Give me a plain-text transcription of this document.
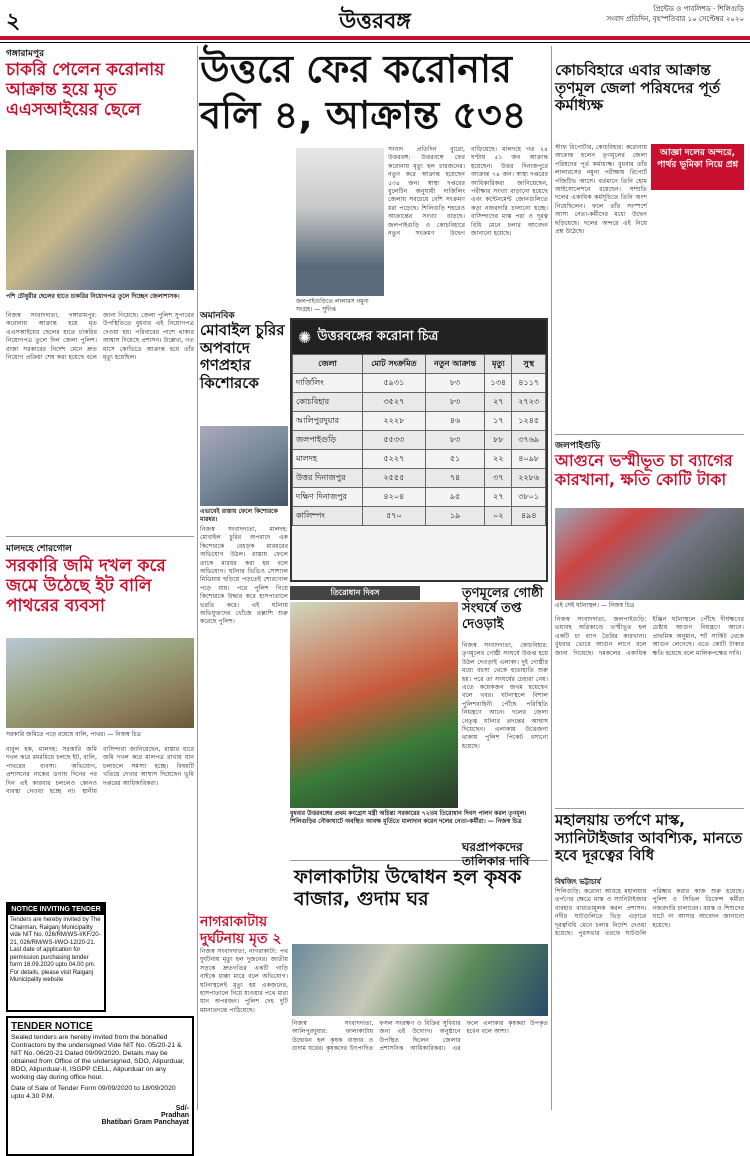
২	উত্তরবঙ্গ	প্রিন্টেড ও পাবলিশড · শিলিগুড়ি
সংবাদ প্রতিদিন, বৃহস্পতিবার ১০ সেপ্টেম্বর ২০২০
গঙ্গারামপুর
চাকরি পেলেন করোনায় আক্রান্ত হয়ে মৃত এএসআইয়ের ছেলে
পশি চৌধুরীর ছেলের হাতে চাকরির নিয়োগপত্র তুলে দিচ্ছেন জেলাশাসক।
নিজস্ব সংবাদদাতা, গঙ্গারামপুর: করোনায় আক্রান্ত হয়ে মৃত এএসআইয়ের ছেলের হাতে চাকরির নিয়োগপত্র তুলে দিল জেলা পুলিশ। রাজ্য সরকারের নির্দেশ মেনে দ্রুত নিয়োগ প্রক্রিয়া শেষ করা হয়েছে বলে জানা গিয়েছে। জেলা পুলিশ সুপারের উপস্থিতিতে বুধবার এই নিয়োগপত্র দেওয়া হয়। পরিবারের পাশে থাকার আশ্বাস দিয়েছে প্রশাসন। উল্লেখ্য, গত মাসে কোভিডে আক্রান্ত হয়ে তাঁর মৃত্যু হয়েছিল।
মালদহে শোরগোল
সরকারি জমি দখল করে জমে উঠেছে ইট বালি পাথরের ব্যবসা
সরকারি জমিতে পড়ে রয়েছে বালি, পাথর। — নিজস্ব চিত্র
বাবুল হক, মালদহ: সরকারি জমি দখল করে রমরমিয়ে চলছে ইট, বালি, পাথরের ব্যবসা। অভিযোগ, প্রশাসনের নাকের ডগায় দিনের পর দিন এই কারবার চললেও কোনও ব্যবস্থা নেওয়া হচ্ছে না। স্থানীয় বাসিন্দারা জানিয়েছেন, রাস্তার ধারে জমি দখল করে মালপত্র রাখায় যান চলাচলে সমস্যা হচ্ছে। বিষয়টি খতিয়ে দেখার আশ্বাস দিয়েছেন ভূমি দপ্তরের আধিকারিকরা।
NOTICE INVITING TENDER
Tenders are hereby invited by The Chairman, Raiganj Municipality vide NIT No. 026/RM/WS-I/KF/20-21, 026/RM/WS-I/WO-12/20-21. Last date of application for permission purchasing tender form 16.09.2020 upto 04.00 pm. For details, please visit Raiganj Municipality website
TENDER NOTICE
Sealed tenders are hereby invited from the bonafied Contractors by the undersigned Vide NIT No. 05/20-21 & NIT No. 06/20-21 Dated 09/09/2020. Details may be obtained from Office of the undersigned, SDO, Alipurduar, BDO, Alipurduar-II, ISGPP CELL, Alipurduar on any working day during office hour.
Date of Sale of Tender Form 09/09/2020 to 18/09/2020 upto 4.30 P.M.
Sd/-
Pradhan
Bhatibari Gram Panchayat
উত্তরে ফের করোনার বলি ৪, আক্রান্ত ৫৩৪
জলপাইগুড়িতে লালারস নমুনা সংগ্রহ। — সুদীপ্ত
সংবাদ প্রতিদিন ব্যুরো, উত্তরবঙ্গ: উত্তরবঙ্গে ফের করোনায় মৃত্যু হল চারজনের। নতুন করে আক্রান্ত হয়েছেন ৫৩৪ জন। স্বাস্থ্য দপ্তরের বুলেটিন অনুযায়ী দার্জিলিং জেলায় সবচেয়ে বেশি সংক্রমণ ধরা পড়েছে। শিলিগুড়ি শহরেও আক্রান্তের সংখ্যা বাড়ছে। জলপাইগুড়ি ও কোচবিহারে নতুন সংক্রমণ উদ্বেগ বাড়িয়েছে। মালদহে গত ২৪ ঘণ্টায় ৫১ জন আক্রান্ত হয়েছেন। উত্তর দিনাজপুরে আক্রান্ত ৭৪ জন। স্বাস্থ্য দপ্তরের আধিকারিকরা জানিয়েছেন, পরীক্ষার সংখ্যা বাড়ানো হয়েছে এবং কন্টেনমেন্ট জোনগুলিতে কড়া নজরদারি চালানো হচ্ছে। বাসিন্দাদের মাস্ক পরা ও দূরত্ব বিধি মেনে চলার আবেদন জানানো হয়েছে।
অমানবিক
মোবাইল চুরির অপবাদে গণপ্রহার কিশোরকে
এভাবেই রাস্তায় ফেলে কিশোরকে মারধর।
নিজস্ব সংবাদদাতা, মালদহ: মোবাইল চুরির অপবাদে এক কিশোরকে বেধড়ক মারধরের অভিযোগ উঠল। রাস্তায় ফেলে তাকে মারধর করা হয় বলে অভিযোগ। ঘটনার ভিডিও সোশ্যাল মিডিয়ায় ছড়িয়ে পড়তেই শোরগোল পড়ে যায়। পরে পুলিশ গিয়ে কিশোরকে উদ্ধার করে হাসপাতালে ভরতি করে। এই ঘটনায় অভিযুক্তদের খোঁজে তল্লাশি শুরু করেছে পুলিশ।
✺ উত্তরবঙ্গের করোনা চিত্র
জেলা	মোট সংক্রমিত	নতুন আক্রান্ত	মৃত্যু	সুস্থ
দার্জিলিং	৫৯৩১	৮৩	১৩৪	৪১১৭
কোচবিহার	৩৫২৭	৮৩	২৭	২৭২৩
আলিপুরদুয়ার	২২২৮	৪৬	১৭	১২৪৫
জলপাইগুড়ি	৫৫৩৩	৮৩	৮৮	৩৭৬৯
মালদহ	৫২২৭	৫১	২২	৪০৯৮
উত্তর দিনাজপুর	২৫৫৫	৭৪	৩৭	২২৮৬
দক্ষিণ দিনাজপুর	৪২০৪	৯৫	২৭	৩৮০১
কালিম্পং	৫৭০	১৯	০২	৪৯৪
তিরোধান দিবস
বুধবার উত্তরবঙ্গের প্রথম কংগ্রেস মন্ত্রী অচিন্ত্য সরকারের ৭২তম তিরোধান দিবস পালন করল তৃণমূল। শিলিগুড়ির নৌকাঘাটে অবস্থিত আবক্ষ মূর্তিতে মাল্যদান করেন দলের নেতা-কর্মীরা। — নিজস্ব চিত্র
তৃণমূলের গোষ্ঠী সংঘর্ষে তপ্ত দেওড়াই
নিজস্ব সংবাদদাতা, কোচবিহার: তৃণমূলের গোষ্ঠী সংঘর্ষে উত্তপ্ত হয়ে উঠল দেওড়াই এলাকা। দুই গোষ্ঠীর মধ্যে বচসা থেকে হাতাহাতি শুরু হয়। পরে তা সংঘর্ষের চেহারা নেয়। এতে কয়েকজন জখম হয়েছেন বলে খবর। ঘটনাস্থলে বিশাল পুলিশবাহিনী পৌঁছে পরিস্থিতি নিয়ন্ত্রণে আনে। দলের জেলা নেতৃত্ব ঘটনার তদন্তের আশ্বাস দিয়েছেন। এলাকায় উত্তেজনা থাকায় পুলিশ পিকেট বসানো হয়েছে।
নাগরাকাটায় দুর্ঘটনায় মৃত ২
ফালাকাটায় উদ্বোধন হল কৃষক বাজার, গুদাম ঘর
নিজস্ব সংবাদদাতা, আলিপুরদুয়ার: ফালাকাটায় উদ্বোধন হল কৃষক বাজার ও গুদাম ঘরের। কৃষকদের উৎপাদিত ফসল সংরক্ষণ ও বিক্রির সুবিধার জন্য এই উদ্যোগ। অনুষ্ঠানে উপস্থিত ছিলেন জেলার প্রশাসনিক আধিকারিকরা। এর ফলে এলাকার কৃষকরা উপকৃত হবেন বলে আশা।
নিজস্ব সংবাদদাতা, নাগরাকাটা: পথ দুর্ঘটনায় মৃত্যু হল দুজনের। জাতীয় সড়কে দ্রুতগতির একটি গাড়ি বাইকে ধাক্কা মারে বলে অভিযোগ। ঘটনাস্থলেই মৃত্যু হয় একজনের, হাসপাতালে নিয়ে যাওয়ার পথে মারা যান অপরজন। পুলিশ দেহ দুটি ময়নাতদন্তে পাঠিয়েছে।
কোচবিহারে এবার আক্রান্ত তৃণমূল জেলা পরিষদের পূর্ত কর্মাধ্যক্ষ
আজ্ঞা দলের অন্দরে, পার্থর ভূমিকা নিয়ে প্রশ্ন
স্টাফ রিপোর্টার, কোচবিহার: করোনায় আক্রান্ত হলেন তৃণমূলের জেলা পরিষদের পূর্ত কর্মাধ্যক্ষ। বুধবার তাঁর লালারসের নমুনা পরীক্ষায় রিপোর্ট পজিটিভ আসে। বর্তমানে তিনি হোম আইসোলেশনে রয়েছেন। সম্প্রতি দলের একাধিক কর্মসূচিতে তিনি অংশ নিয়েছিলেন। ফলে তাঁর সংস্পর্শে আসা নেতা-কর্মীদের মধ্যে উদ্বেগ ছড়িয়েছে। দলের অন্দরে এই নিয়ে প্রশ্ন উঠেছে।
জলপাইগুড়ি
আগুনে ভস্মীভূত চা ব্যাগের কারখানা, ক্ষতি কোটি টাকা
এই সেই ঘটনাস্থল। — নিজস্ব চিত্র
নিজস্ব সংবাদদাতা, জলপাইগুড়ি: ভয়াবহ অগ্নিকাণ্ডে ভস্মীভূত হল একটি চা ব্যাগ তৈরির কারখানা। বুধবার ভোরে আগুন লাগে বলে জানা গিয়েছে। দমকলের একাধিক ইঞ্জিন ঘটনাস্থলে পৌঁছে দীর্ঘক্ষণের চেষ্টায় আগুন নিয়ন্ত্রণে আনে। প্রাথমিক অনুমান, শর্ট সার্কিট থেকে আগুন লেগেছে। এতে কোটি টাকার ক্ষতি হয়েছে বলে মালিকপক্ষের দাবি।
মহালয়ায় তর্পণে মাস্ক, স্যানিটাইজার আবশ্যিক, মানতে হবে দূরত্বের বিধি
বিশ্বজিৎ ভট্টাচার্য
শিলিগুড়ি: করোনা আবহে মহালয়ায় তর্পণের ক্ষেত্রে মাস্ক ও স্যানিটাইজার ব্যবহার বাধ্যতামূলক করল প্রশাসন। নদীর ঘাটগুলিতে ভিড় এড়াতে দূরত্ববিধি মেনে চলার নির্দেশ দেওয়া হয়েছে। পুরসভার তরফে ঘাটগুলি পরিষ্কার করার কাজ শুরু হয়েছে। পুলিশ ও সিভিল ডিফেন্স কর্মীরা নজরদারি চালাবেন। বয়স্ক ও শিশুদের ঘাটে না আসার আবেদন জানানো হয়েছে।
ঘরপ্রাপকদের তালিকার দাবি
